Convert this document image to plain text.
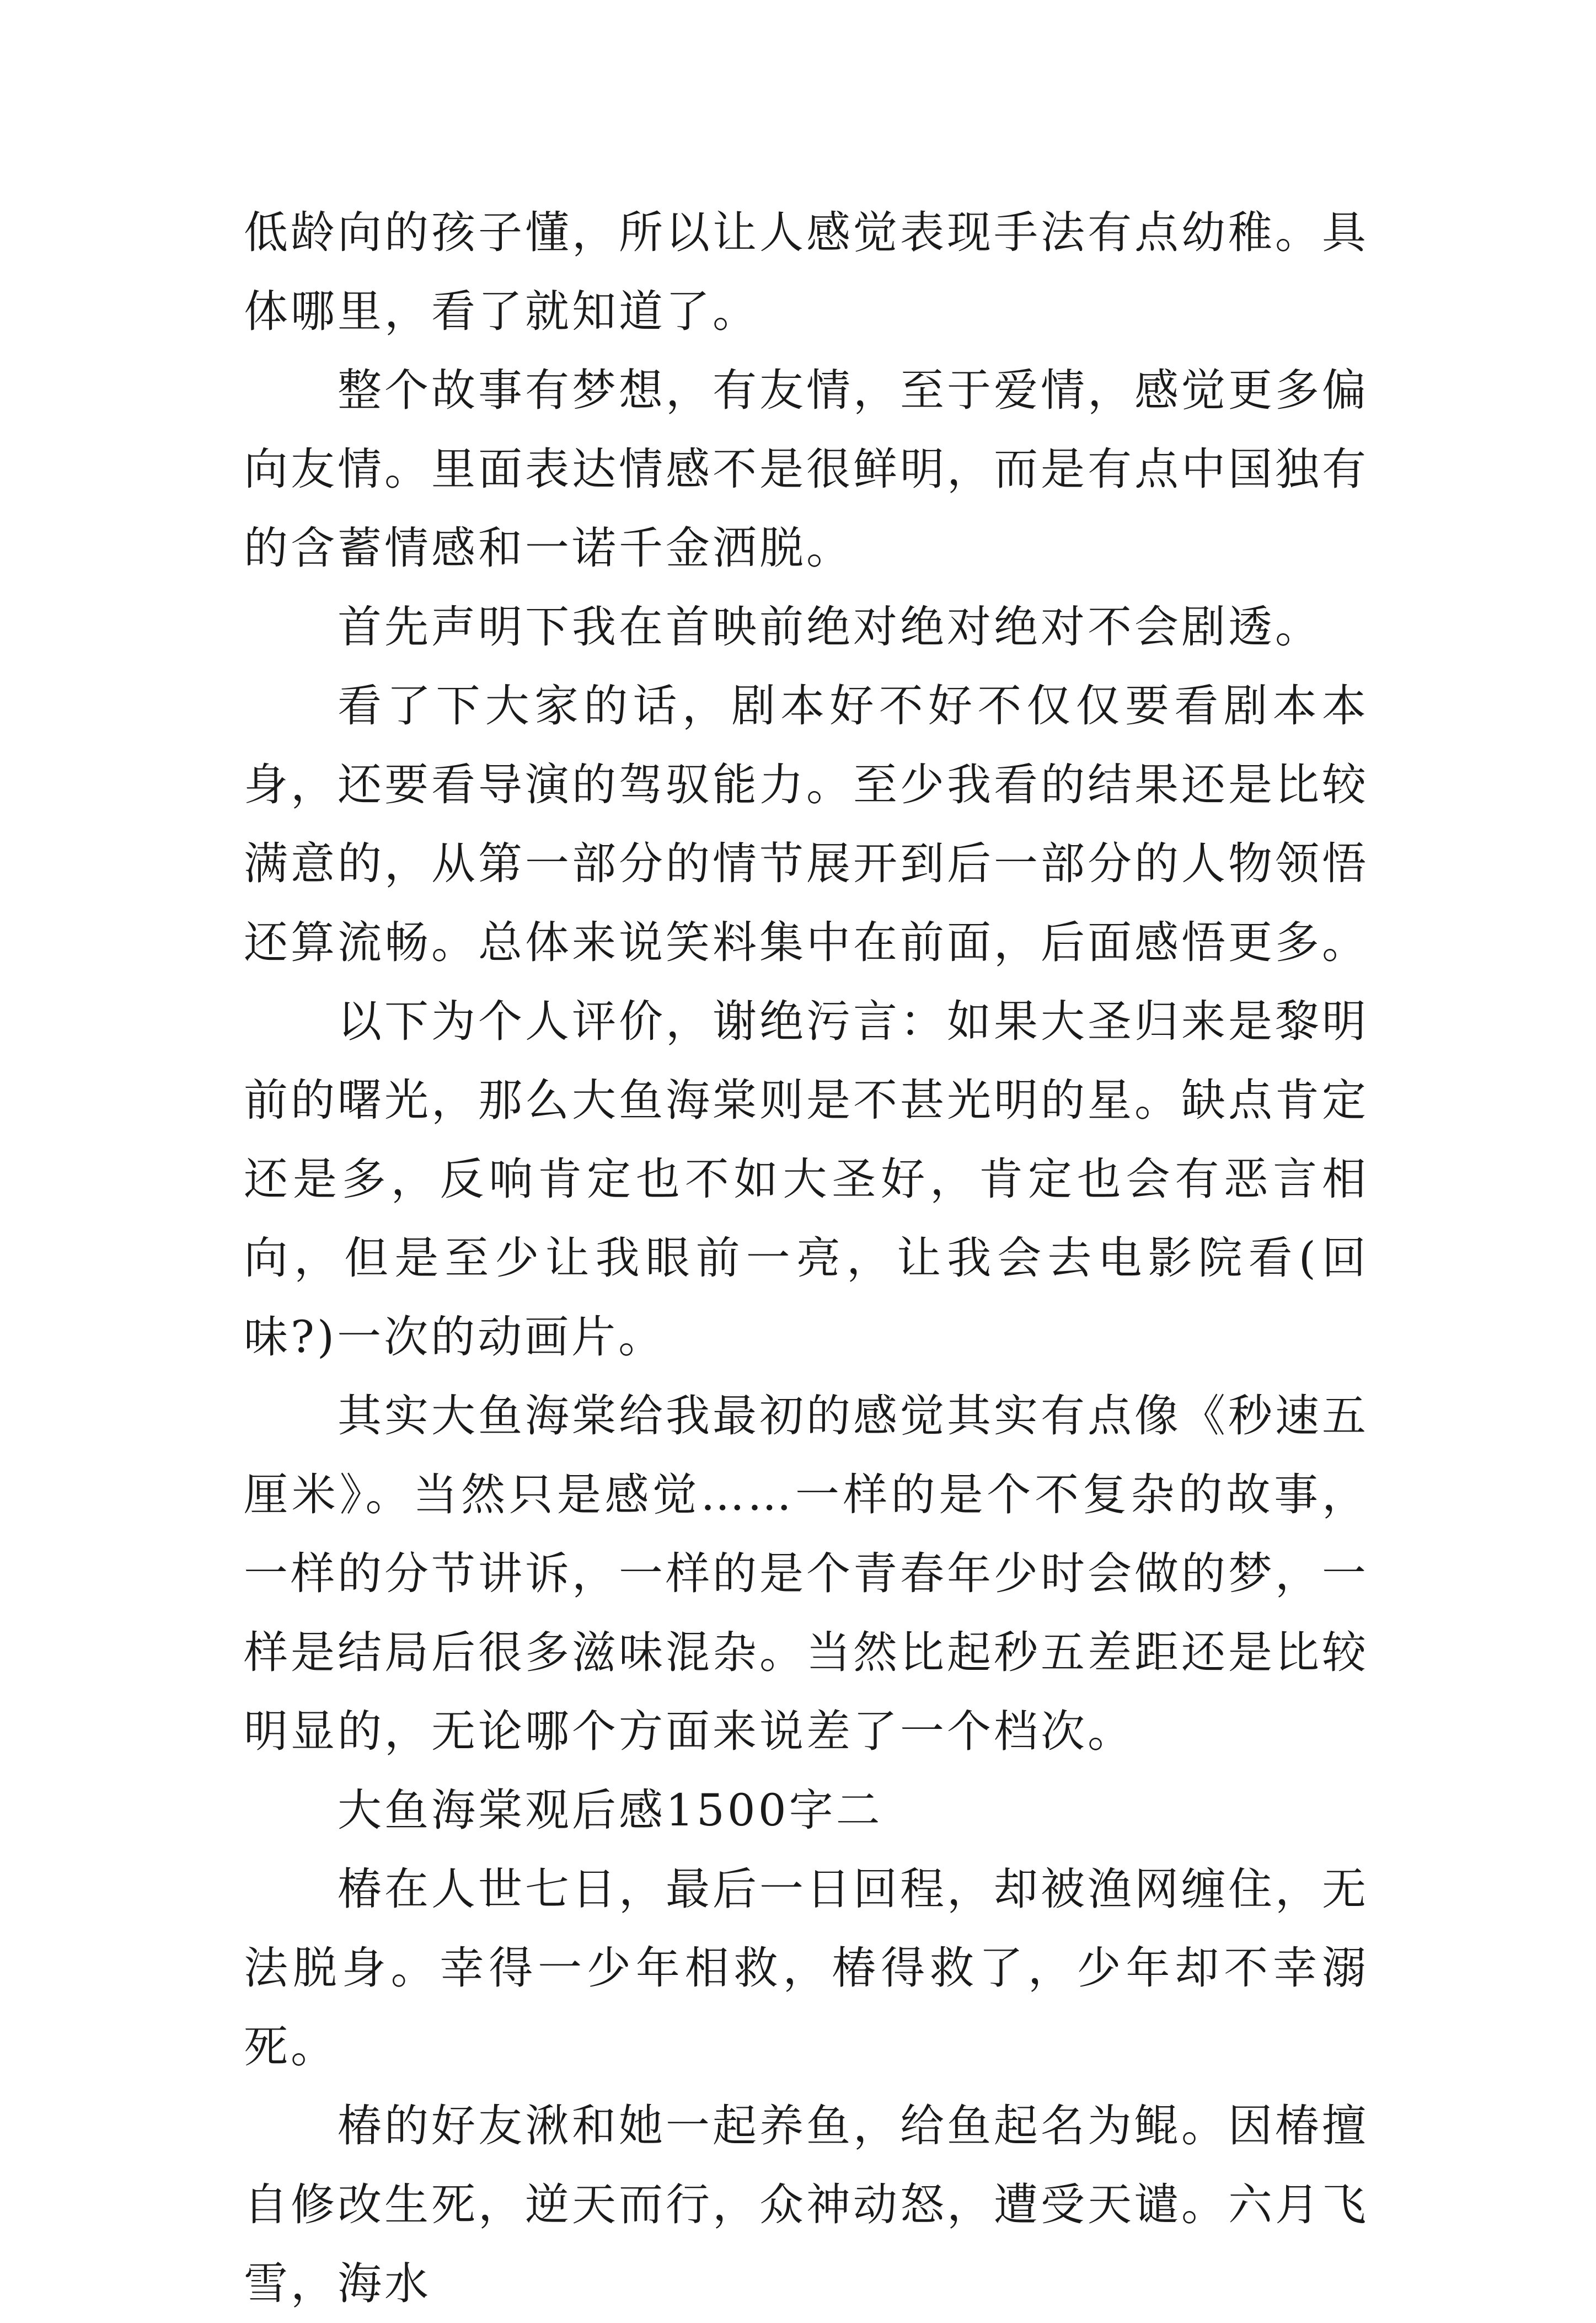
低龄向的孩子懂，所以让人感觉表现手法有点幼稚。具体哪里，看了就知道了。

整个故事有梦想，有友情，至于爱情，感觉更多偏向友情。里面表达情感不是很鲜明，而是有点中国独有的含蓄情感和一诺千金洒脱。

首先声明下我在首映前绝对绝对绝对不会剧透。

看了下大家的话，剧本好不好不仅仅要看剧本本身，还要看导演的驾驭能力。至少我看的结果还是比较满意的，从第一部分的情节展开到后一部分的人物领悟还算流畅。总体来说笑料集中在前面，后面感悟更多。

以下为个人评价，谢绝污言：如果大圣归来是黎明前的曙光，那么大鱼海棠则是不甚光明的星。缺点肯定还是多，反响肯定也不如大圣好，肯定也会有恶言相向，但是至少让我眼前一亮，让我会去电影院看(回味?)一次的动画片。

其实大鱼海棠给我最初的感觉其实有点像《秒速五厘米》。当然只是感觉……一样的是个不复杂的故事，一样的分节讲诉，一样的是个青春年少时会做的梦，一样是结局后很多滋味混杂。当然比起秒五差距还是比较明显的，无论哪个方面来说差了一个档次。

大鱼海棠观后感1500字二

椿在人世七日，最后一日回程，却被渔网缠住，无法脱身。幸得一少年相救，椿得救了，少年却不幸溺死。

椿的好友湫和她一起养鱼，给鱼起名为鲲。因椿擅自修改生死，逆天而行，众神动怒，遭受天谴。六月飞雪，海水
